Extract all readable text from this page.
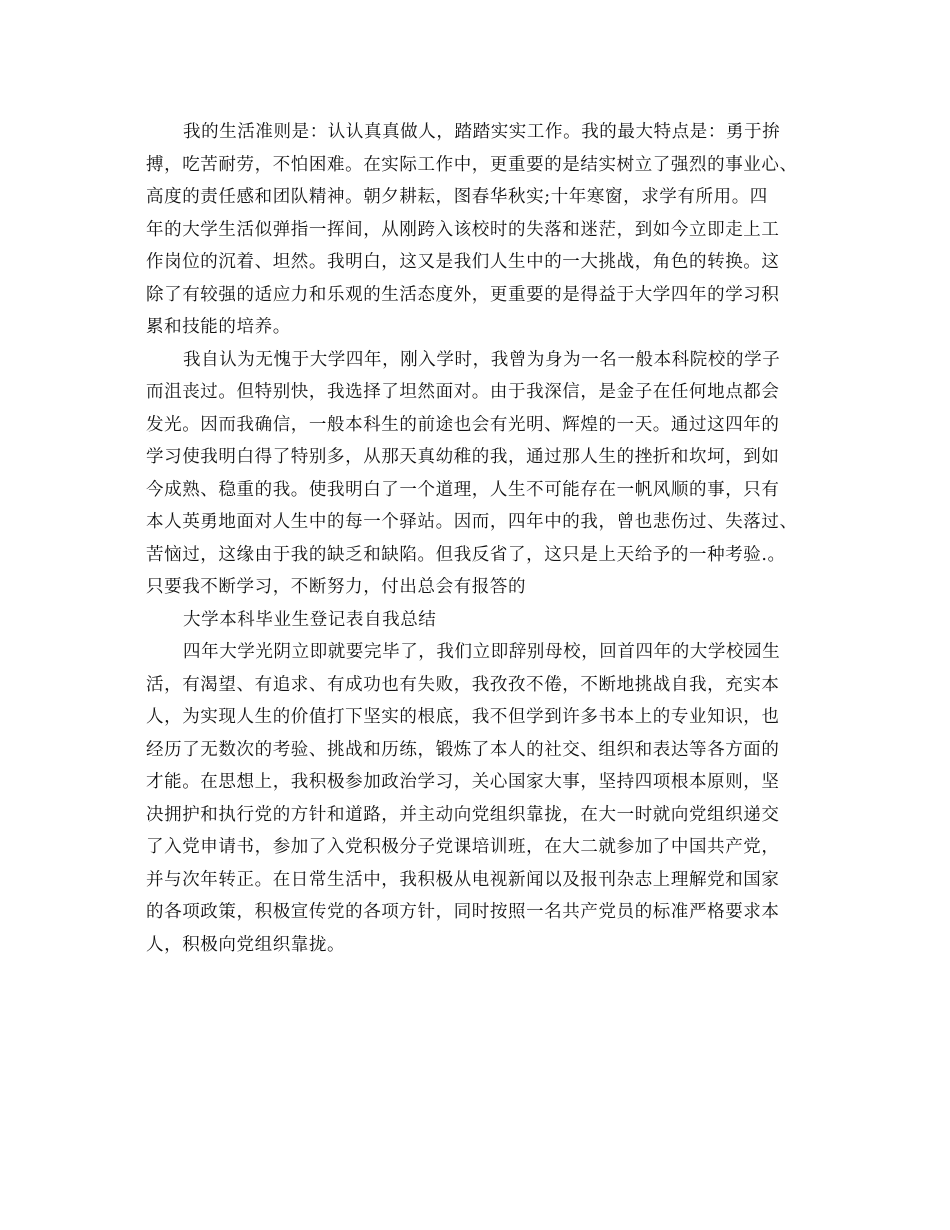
我的生活准则是：认认真真做人，踏踏实实工作。我的最大特点是：勇于拚
搏，吃苦耐劳，不怕困难。在实际工作中，更重要的是结实树立了强烈的事业心、
高度的责任感和团队精神。朝夕耕耘，图春华秋实;十年寒窗，求学有所用。四
年的大学生活似弹指一挥间，从刚跨入该校时的失落和迷茫，到如今立即走上工
作岗位的沉着、坦然。我明白，这又是我们人生中的一大挑战，角色的转换。这
除了有较强的适应力和乐观的生活态度外，更重要的是得益于大学四年的学习积
累和技能的培养。
我自认为无愧于大学四年，刚入学时，我曾为身为一名一般本科院校的学子
而沮丧过。但特别快，我选择了坦然面对。由于我深信，是金子在任何地点都会
发光。因而我确信，一般本科生的前途也会有光明、辉煌的一天。通过这四年的
学习使我明白得了特别多，从那天真幼稚的我，通过那人生的挫折和坎坷，到如
今成熟、稳重的我。使我明白了一个道理，人生不可能存在一帆风顺的事，只有
本人英勇地面对人生中的每一个驿站。因而，四年中的我，曾也悲伤过、失落过、
苦恼过，这缘由于我的缺乏和缺陷。但我反省了，这只是上天给予的一种考验.。
只要我不断学习，不断努力，付出总会有报答的
大学本科毕业生登记表自我总结
四年大学光阴立即就要完毕了，我们立即辞别母校，回首四年的大学校园生
活，有渴望、有追求、有成功也有失败，我孜孜不倦，不断地挑战自我，充实本
人，为实现人生的价值打下坚实的根底，我不但学到许多书本上的专业知识，也
经历了无数次的考验、挑战和历练，锻炼了本人的社交、组织和表达等各方面的
才能。在思想上，我积极参加政治学习，关心国家大事，坚持四项根本原则，坚
决拥护和执行党的方针和道路，并主动向党组织靠拢，在大一时就向党组织递交
了入党申请书，参加了入党积极分子党课培训班，在大二就参加了中国共产党，
并与次年转正。在日常生活中，我积极从电视新闻以及报刊杂志上理解党和国家
的各项政策，积极宣传党的各项方针，同时按照一名共产党员的标准严格要求本
人，积极向党组织靠拢。
